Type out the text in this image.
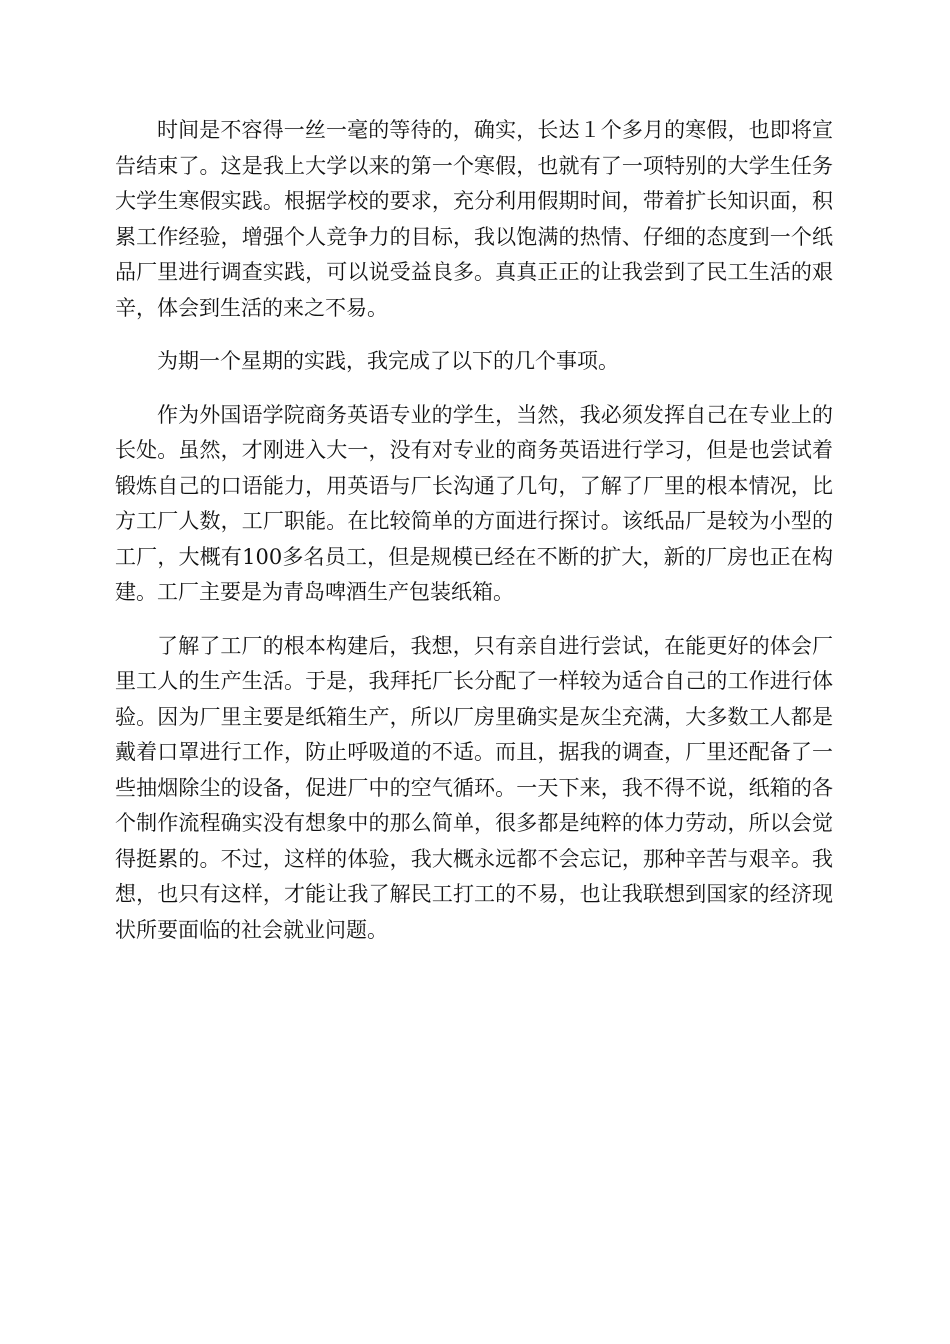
时间是不容得一丝一毫的等待的，确实，长达１个多月的寒假，也即将宣告结束了。这是我上大学以来的第一个寒假，也就有了一项特别的大学生任务大学生寒假实践。根据学校的要求，充分利用假期时间，带着扩长知识面，积累工作经验，增强个人竞争力的目标，我以饱满的热情、仔细的态度到一个纸品厂里进行调查实践，可以说受益良多。真真正正的让我尝到了民工生活的艰辛，体会到生活的来之不易。

为期一个星期的实践，我完成了以下的几个事项。

作为外国语学院商务英语专业的学生，当然，我必须发挥自己在专业上的长处。虽然，才刚进入大一，没有对专业的商务英语进行学习，但是也尝试着锻炼自己的口语能力，用英语与厂长沟通了几句，了解了厂里的根本情况，比方工厂人数，工厂职能。在比较简单的方面进行探讨。该纸品厂是较为小型的工厂，大概有100多名员工，但是规模已经在不断的扩大，新的厂房也正在构建。工厂主要是为青岛啤酒生产包装纸箱。

了解了工厂的根本构建后，我想，只有亲自进行尝试，在能更好的体会厂里工人的生产生活。于是，我拜托厂长分配了一样较为适合自己的工作进行体验。因为厂里主要是纸箱生产，所以厂房里确实是灰尘充满，大多数工人都是戴着口罩进行工作，防止呼吸道的不适。而且，据我的调查，厂里还配备了一些抽烟除尘的设备，促进厂中的空气循环。一天下来，我不得不说，纸箱的各个制作流程确实没有想象中的那么简单，很多都是纯粹的体力劳动，所以会觉得挺累的。不过，这样的体验，我大概永远都不会忘记，那种辛苦与艰辛。我想，也只有这样，才能让我了解民工打工的不易，也让我联想到国家的经济现状所要面临的社会就业问题。
